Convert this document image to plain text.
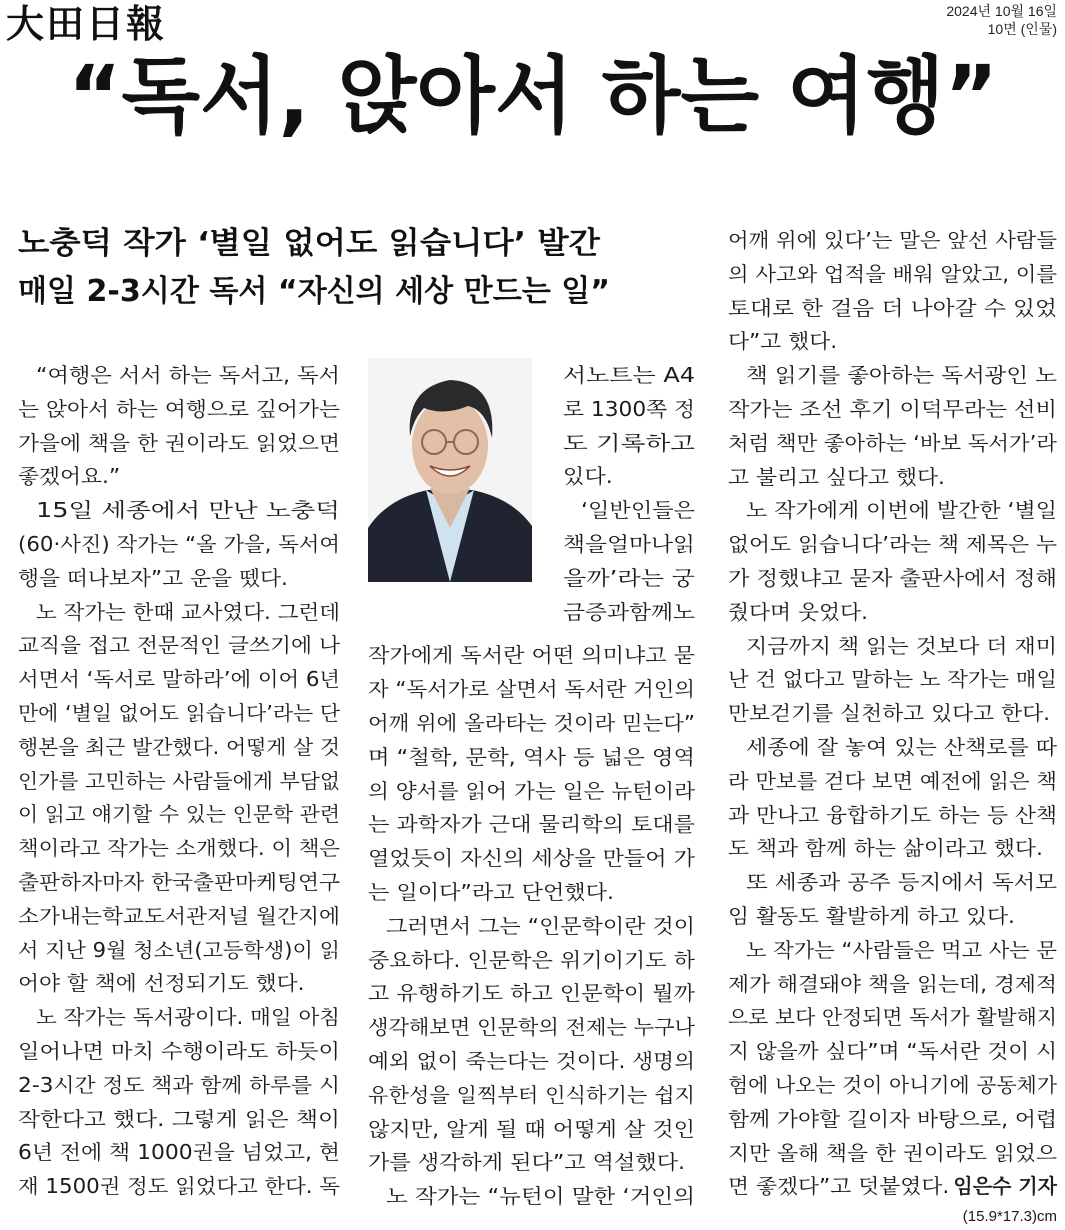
大田日報	2024년 10월 16일
10면 (인물)
“독서, 앉아서 하는 여행”
노충덕 작가 ‘별일 없어도 읽습니다’ 발간
매일 2-3시간 독서 “자신의 세상 만드는 일”
“여행은 서서 하는 독서고, 독서
는 앉아서 하는 여행으로 깊어가는
가을에 책을 한 권이라도 읽었으면
좋겠어요.”
15일 세종에서 만난 노충덕
(60·사진) 작가는 “올 가을, 독서여
행을 떠나보자”고 운을 뗐다.
노 작가는 한때 교사였다. 그런데
교직을 접고 전문적인 글쓰기에 나
서면서 ‘독서로 말하라’에 이어 6년
만에 ‘별일 없어도 읽습니다’라는 단
행본을 최근 발간했다. 어떻게 살 것
인가를 고민하는 사람들에게 부담없
이 읽고 얘기할 수 있는 인문학 관련
책이라고 작가는 소개했다. 이 책은
출판하자마자 한국출판마케팅연구
소가내는학교도서관저널 월간지에
서 지난 9월 청소년(고등학생)이 읽
어야 할 책에 선정되기도 했다.
노 작가는 독서광이다. 매일 아침
일어나면 마치 수행이라도 하듯이
2-3시간 정도 책과 함께 하루를 시
작한다고 했다. 그렇게 읽은 책이
6년 전에 책 1000권을 넘었고, 현
재 1500권 정도 읽었다고 한다. 독
서노트는 A4
로 1300쪽 정
도 기록하고
있다.
‘일반인들은
책을얼마나읽
을까’라는 궁
금증과함께노
작가에게 독서란 어떤 의미냐고 묻
자 “독서가로 살면서 독서란 거인의
어깨 위에 올라타는 것이라 믿는다”
며 “철학, 문학, 역사 등 넓은 영역
의 양서를 읽어 가는 일은 뉴턴이라
는 과학자가 근대 물리학의 토대를
열었듯이 자신의 세상을 만들어 가
는 일이다”라고 단언했다.
그러면서 그는 “인문학이란 것이
중요하다. 인문학은 위기이기도 하
고 유행하기도 하고 인문학이 뭘까
생각해보면 인문학의 전제는 누구나
예외 없이 죽는다는 것이다. 생명의
유한성을 일찍부터 인식하기는 쉽지
않지만, 알게 될 때 어떻게 살 것인
가를 생각하게 된다”고 역설했다.
노 작가는 “뉴턴이 말한 ‘거인의
어깨 위에 있다’는 말은 앞선 사람들
의 사고와 업적을 배워 알았고, 이를
토대로 한 걸음 더 나아갈 수 있었
다”고 했다.
책 읽기를 좋아하는 독서광인 노
작가는 조선 후기 이덕무라는 선비
처럼 책만 좋아하는 ‘바보 독서가’라
고 불리고 싶다고 했다.
노 작가에게 이번에 발간한 ‘별일
없어도 읽습니다’라는 책 제목은 누
가 정했냐고 묻자 출판사에서 정해
줬다며 웃었다.
지금까지 책 읽는 것보다 더 재미
난 건 없다고 말하는 노 작가는 매일
만보걷기를 실천하고 있다고 한다.
세종에 잘 놓여 있는 산책로를 따
라 만보를 걷다 보면 예전에 읽은 책
과 만나고 융합하기도 하는 등 산책
도 책과 함께 하는 삶이라고 했다.
또 세종과 공주 등지에서 독서모
임 활동도 활발하게 하고 있다.
노 작가는 “사람들은 먹고 사는 문
제가 해결돼야 책을 읽는데, 경제적
으로 보다 안정되면 독서가 활발해지
지 않을까 싶다”며 “독서란 것이 시
험에 나오는 것이 아니기에 공동체가
함께 가야할 길이자 바탕으로, 어렵
지만 올해 책을 한 권이라도 읽었으
면 좋겠다”고 덧붙였다. 임은수 기자
(15.9*17.3)cm
